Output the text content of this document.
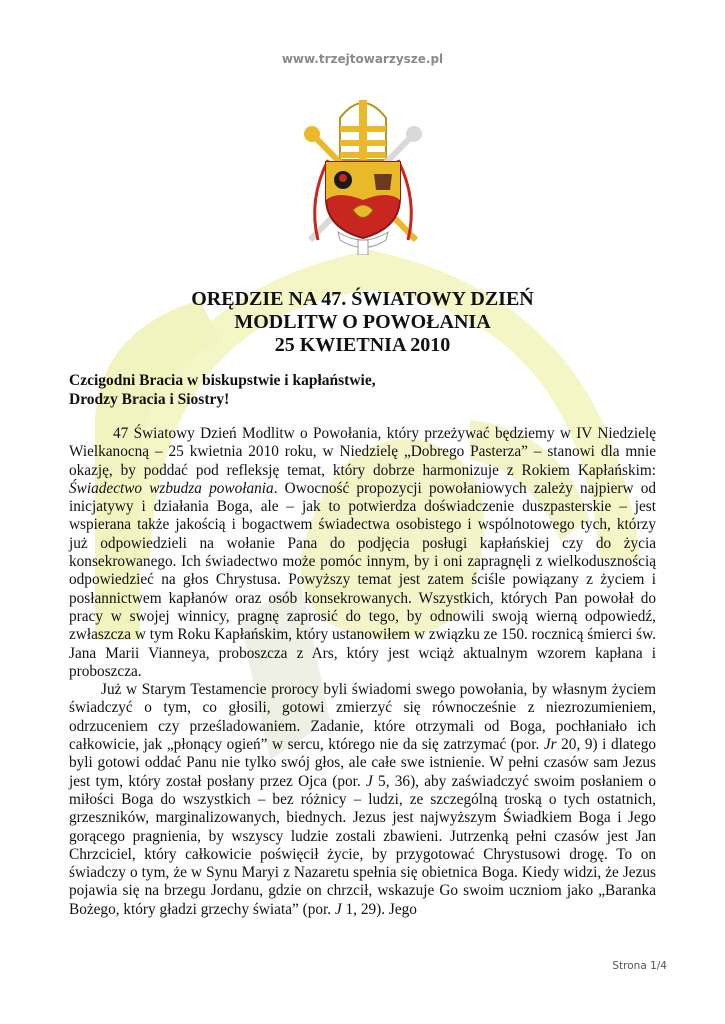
www.trzejtowarzysze.pl
ORĘDZIE NA 47. ŚWIATOWY DZIEŃ
MODLITW O POWOŁANIA
25 KWIETNIA 2010
Czcigodni Bracia w biskupstwie i kapłaństwie,
Drodzy Bracia i Siostry!

47 Światowy Dzień Modlitw o Powołania, który przeżywać będziemy w IV Niedzielę Wielkanocną – 25 kwietnia 2010 roku, w Niedzielę „Dobrego Pasterza” – stanowi dla mnie okazję, by poddać pod refleksję temat, który dobrze harmonizuje z Rokiem Kapłańskim: Świadectwo wzbudza powołania. Owocność propozycji powołaniowych zależy najpierw od inicjatywy i działania Boga, ale – jak to potwierdza doświadczenie duszpasterskie – jest wspierana także jakością i bogactwem świadectwa osobistego i wspólnotowego tych, którzy już odpowiedzieli na wołanie Pana do podjęcia posługi kapłańskiej czy do życia konsekrowanego. Ich świadectwo może pomóc innym, by i oni zapragnęli z wielkodusznością odpowiedzieć na głos Chrystusa. Powyższy temat jest zatem ściśle powiązany z życiem i posłannictwem kapłanów oraz osób konsekrowanych. Wszystkich, których Pan powołał do pracy w swojej winnicy, pragnę zaprosić do tego, by odnowili swoją wierną odpowiedź, zwłaszcza w tym Roku Kapłańskim, który ustanowiłem w związku ze 150. rocznicą śmierci św. Jana Marii Vianneya, proboszcza z Ars, który jest wciąż aktualnym wzorem kapłana i proboszcza.

Już w Starym Testamencie prorocy byli świadomi swego powołania, by własnym życiem świadczyć o tym, co głosili, gotowi zmierzyć się równocześnie z niezrozumieniem, odrzuceniem czy prześladowaniem. Zadanie, które otrzymali od Boga, pochłaniało ich całkowicie, jak „płonący ogień” w sercu, którego nie da się zatrzymać (por. Jr 20, 9) i dlatego byli gotowi oddać Panu nie tylko swój głos, ale całe swe istnienie. W pełni czasów sam Jezus jest tym, który został posłany przez Ojca (por. J 5, 36), aby zaświadczyć swoim posłaniem o miłości Boga do wszystkich – bez różnicy – ludzi, ze szczególną troską o tych ostatnich, grzeszników, marginalizowanych, biednych. Jezus jest najwyższym Świadkiem Boga i Jego gorącego pragnienia, by wszyscy ludzie zostali zbawieni. Jutrzenką pełni czasów jest Jan Chrzciciel, który całkowicie poświęcił życie, by przygotować Chrystusowi drogę. To on świadczy o tym, że w Synu Maryi z Nazaretu spełnia się obietnica Boga. Kiedy widzi, że Jezus pojawia się na brzegu Jordanu, gdzie on chrzcił, wskazuje Go swoim uczniom jako „Baranka Bożego, który gładzi grzechy świata” (por. J 1, 29). Jego

Strona 1/4
